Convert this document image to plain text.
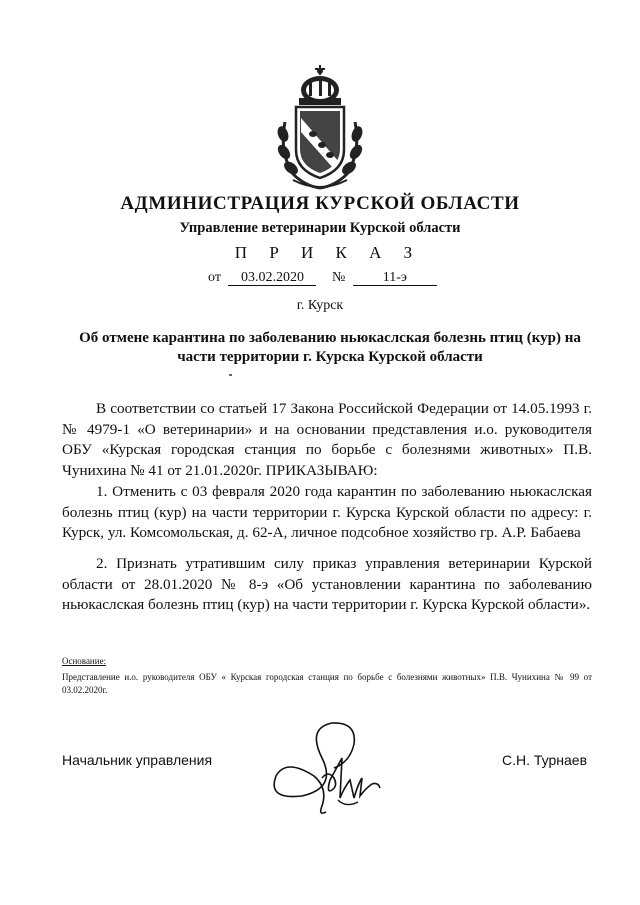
АДМИНИСТРАЦИЯ КУРСКОЙ ОБЛАСТИ
Управление ветеринарии Курской области
П Р И К А З
от 03.02.2020 №	11-э
г. Курск
Об отмене карантина по заболеванию ньюкаслская болезнь птиц (кур) на части территории г. Курска Курской области
В соответствии со статьей 17 Закона Российской Федерации от 14.05.1993 г. № 4979-1 «О ветеринарии» и на основании представления и.о. руководителя ОБУ «Курская городская станция по борьбе с болезнями животных» П.В. Чунихина № 41 от 21.01.2020г. ПРИКАЗЫВАЮ:
1. Отменить с 03 февраля 2020 года карантин по заболеванию ньюкаслская болезнь птиц (кур) на части территории г. Курска Курской области по адресу: г. Курск, ул. Комсомольская, д. 62-А, личное подсобное хозяйство гр. А.Р. Бабаева
2. Признать утратившим силу приказ управления ветеринарии Курской области от 28.01.2020 № 8-э «Об установлении карантина по заболеванию ньюкаслская болезнь птиц (кур) на части территории г. Курска Курской области».
Основание:
Представление и.о. руководителя ОБУ « Курская городская станция по борьбе с болезнями животных» П.В. Чунихина № 99 от 03.02.2020г.
Начальник управления	С.Н. Турнаев
